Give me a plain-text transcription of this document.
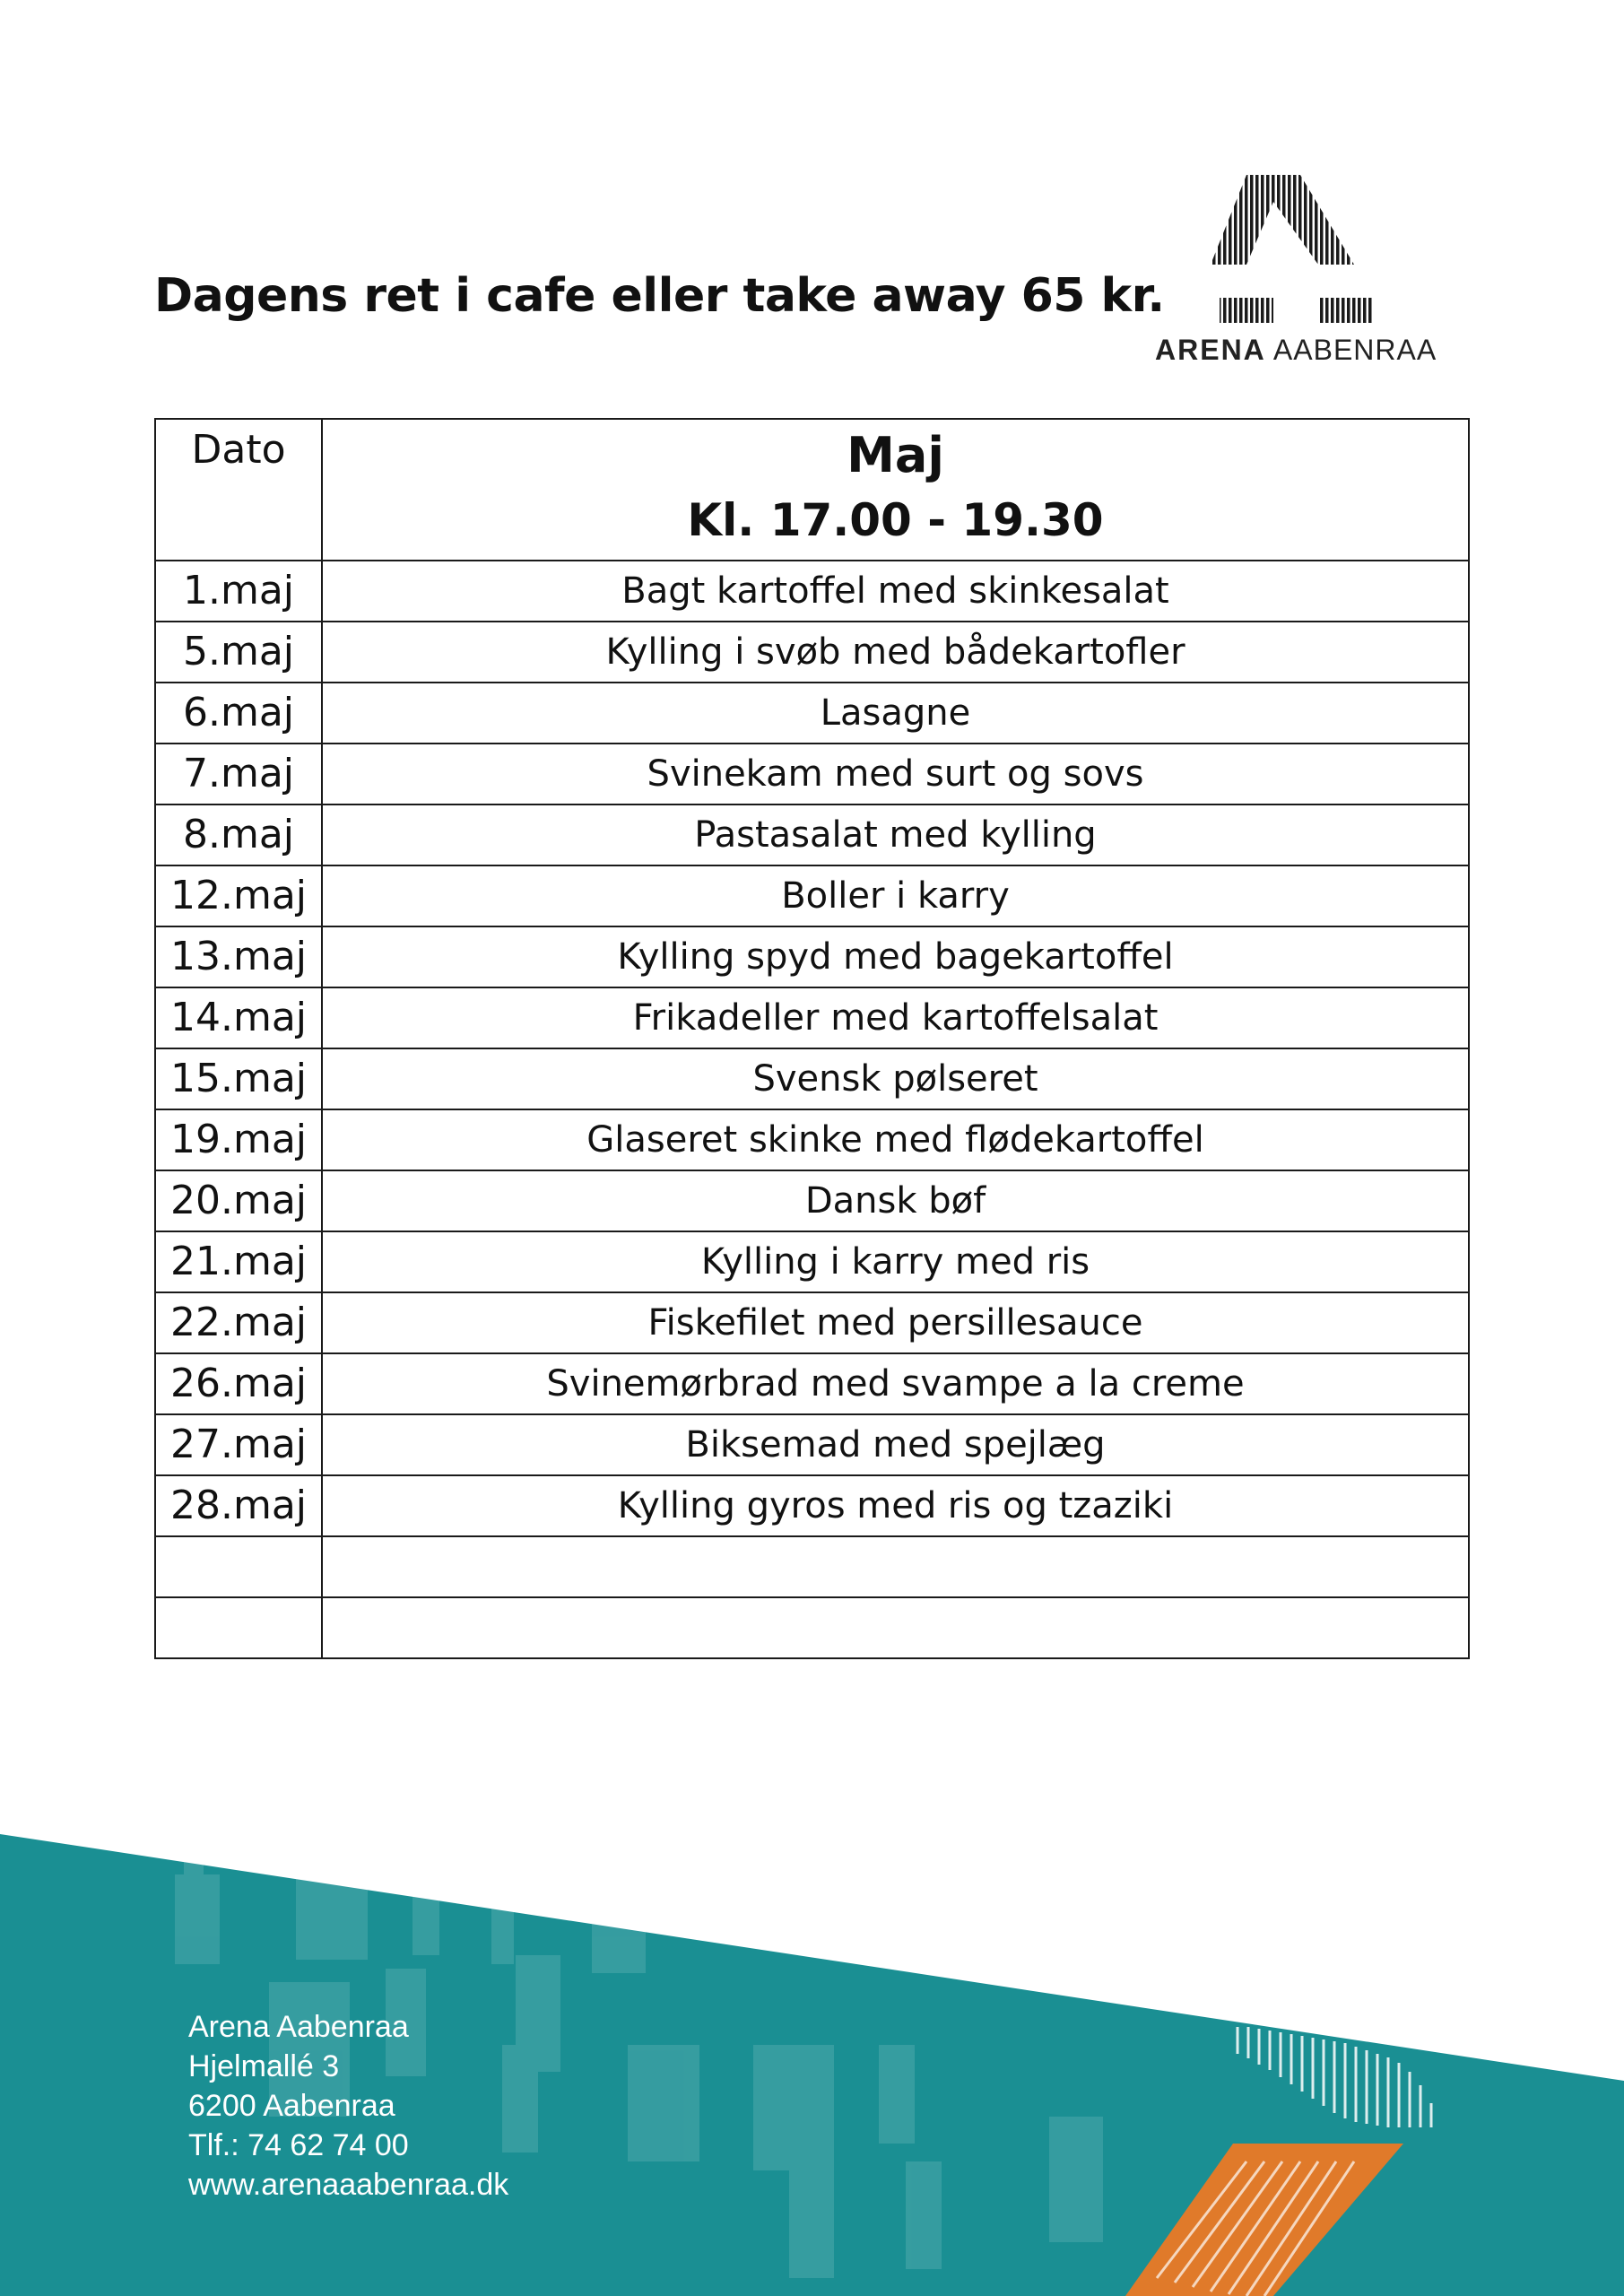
Dagens ret i cafe eller take away 65 kr.
ARENA AABENRAA
Dato	Maj
Kl. 17.00 - 19.30

1.maj	Bagt kartoffel med skinkesalat
5.maj	Kylling i svøb med bådekartofler
6.maj	Lasagne
7.maj	Svinekam med surt og sovs
8.maj	Pastasalat med kylling
12.maj	Boller i karry
13.maj	Kylling spyd med bagekartoffel
14.maj	Frikadeller med kartoffelsalat
15.maj	Svensk pølseret
19.maj	Glaseret skinke med flødekartoffel
20.maj	Dansk bøf
21.maj	Kylling i karry med ris
22.maj	Fiskefilet med persillesauce
26.maj	Svinemørbrad med svampe a la creme
27.maj	Biksemad med spejlæg
28.maj	Kylling gyros med ris og tzaziki

Arena Aabenraa
Hjelmallé 3
6200 Aabenraa
Tlf.: 74 62 74 00
www.arenaaabenraa.dk
